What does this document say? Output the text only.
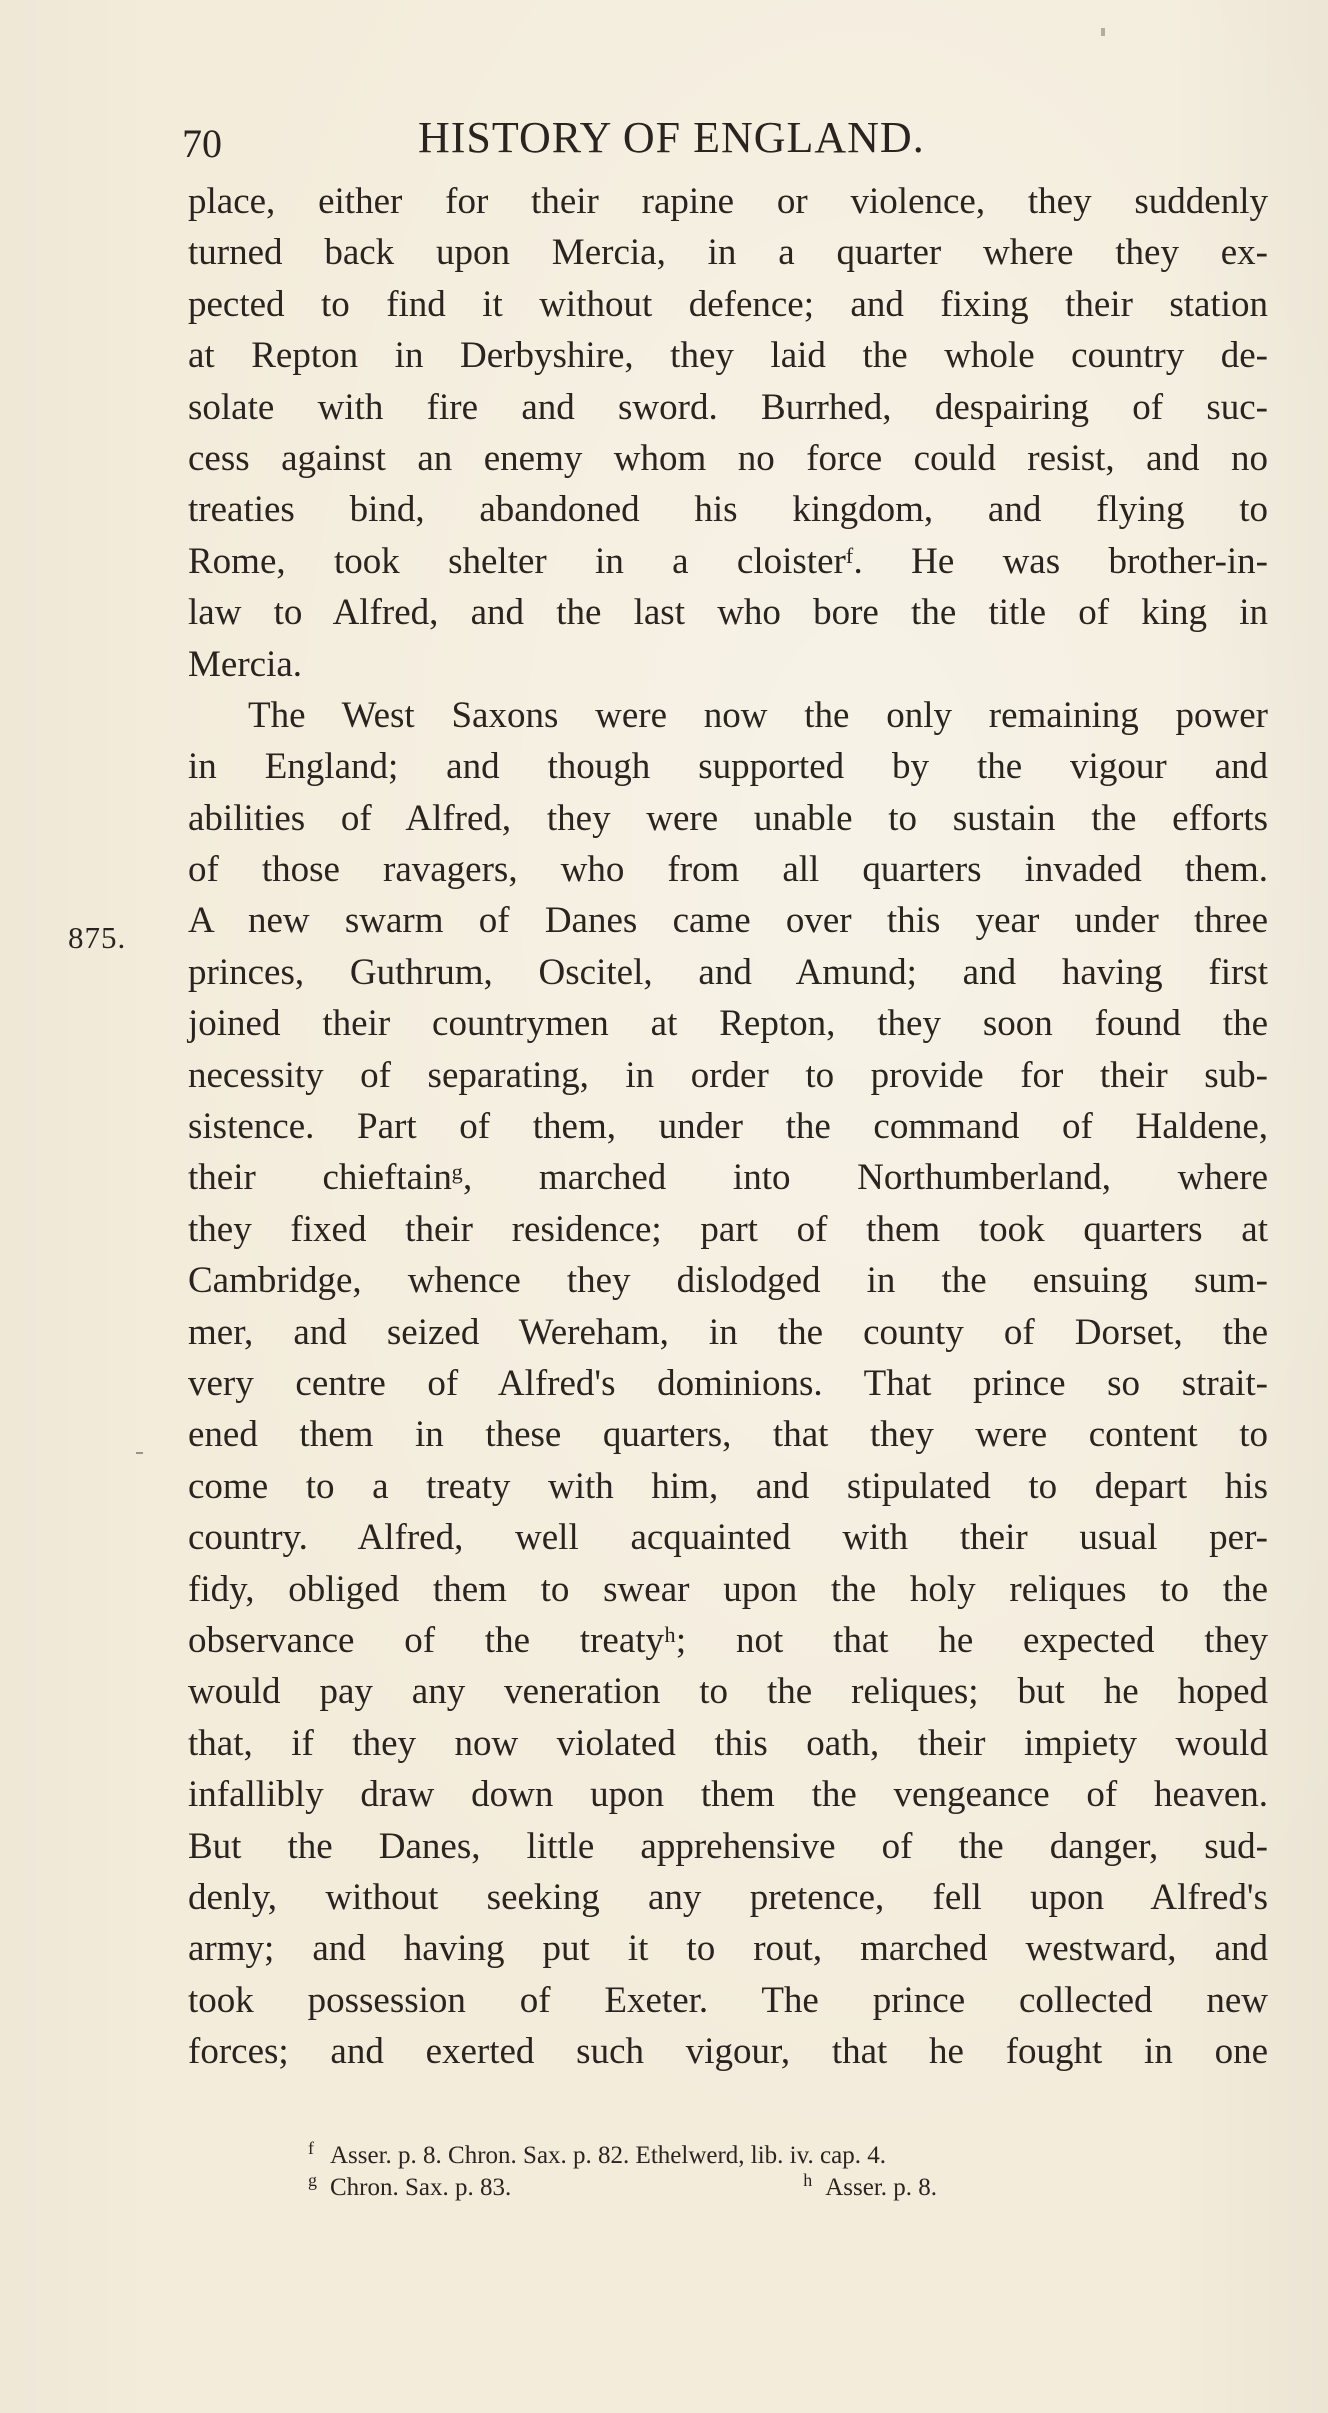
70	HISTORY OF ENGLAND.
875.
place, either for their rapine or violence, they suddenly
turned back upon Mercia, in a quarter where they ex-
pected to find it without defence; and fixing their station
at Repton in Derbyshire, they laid the whole country de-
solate with fire and sword. Burrhed, despairing of suc-
cess against an enemy whom no force could resist, and no
treaties bind, abandoned his kingdom, and flying to
Rome, took shelter in a cloisterᶠ. He was brother-in-
law to Alfred, and the last who bore the title of king in
Mercia.
The West Saxons were now the only remaining power
in England; and though supported by the vigour and
abilities of Alfred, they were unable to sustain the efforts
of those ravagers, who from all quarters invaded them.
A new swarm of Danes came over this year under three
princes, Guthrum, Oscitel, and Amund; and having first
joined their countrymen at Repton, they soon found the
necessity of separating, in order to provide for their sub-
sistence. Part of them, under the command of Haldene,
their chieftainᵍ, marched into Northumberland, where
they fixed their residence; part of them took quarters at
Cambridge, whence they dislodged in the ensuing sum-
mer, and seized Wereham, in the county of Dorset, the
very centre of Alfred's dominions. That prince so strait-
ened them in these quarters, that they were content to
come to a treaty with him, and stipulated to depart his
country. Alfred, well acquainted with their usual per-
fidy, obliged them to swear upon the holy reliques to the
observance of the treatyʰ; not that he expected they
would pay any veneration to the reliques; but he hoped
that, if they now violated this oath, their impiety would
infallibly draw down upon them the vengeance of heaven.
But the Danes, little apprehensive of the danger, sud-
denly, without seeking any pretence, fell upon Alfred's
army; and having put it to rout, marched westward, and
took possession of Exeter. The prince collected new
forces; and exerted such vigour, that he fought in one
f Asser. p. 8. Chron. Sax. p. 82. Ethelwerd, lib. iv. cap. 4.
g Chron. Sax. p. 83.	h Asser. p. 8.
